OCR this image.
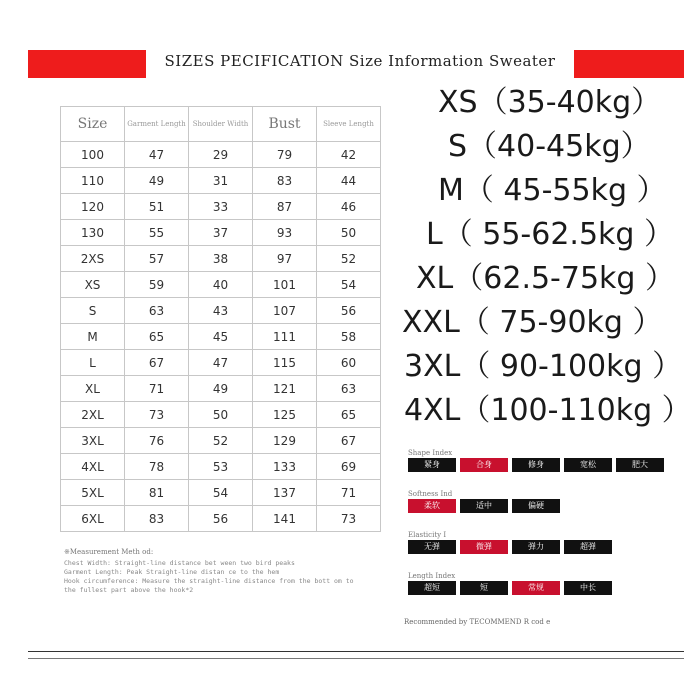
SIZES PECIFICATION Size Information Sweater
Size	Garment Length	Shoulder Width	Bust	Sleeve Length
100	47	29	79	42
110	49	31	83	44
120	51	33	87	46
130	55	37	93	50
2XS	57	38	97	52
XS	59	40	101	54
S	63	43	107	56
M	65	45	111	58
L	67	47	115	60
XL	71	49	121	63
2XL	73	50	125	65
3XL	76	52	129	67
4XL	78	53	133	69
5XL	81	54	137	71
6XL	83	56	141	73
XS（35-40kg）
S（40-45kg）
M（ 45-55kg ）
L（ 55-62.5kg ）
XL（62.5-75kg ）
XXL（ 75-90kg ）
3XL（ 90-100kg ）
4XL（100-110kg ）
※Measurement Meth od:
Chest Width: Straight-line distance bet ween two bird peaks
Garment Length: Peak Straight-line distan ce to the hem
Hook circumference: Measure the straight-line distance from the bott om to the fullest part above the hook*2
Shape Index
紧身	合身	修身	宽松	肥大
Softness Ind
柔软	适中	偏硬
Elasticity I
无弹	微弹	弹力	超弹
Length Index
超短	短	常规	中长
Recommended by TECOMMEND R cod e
